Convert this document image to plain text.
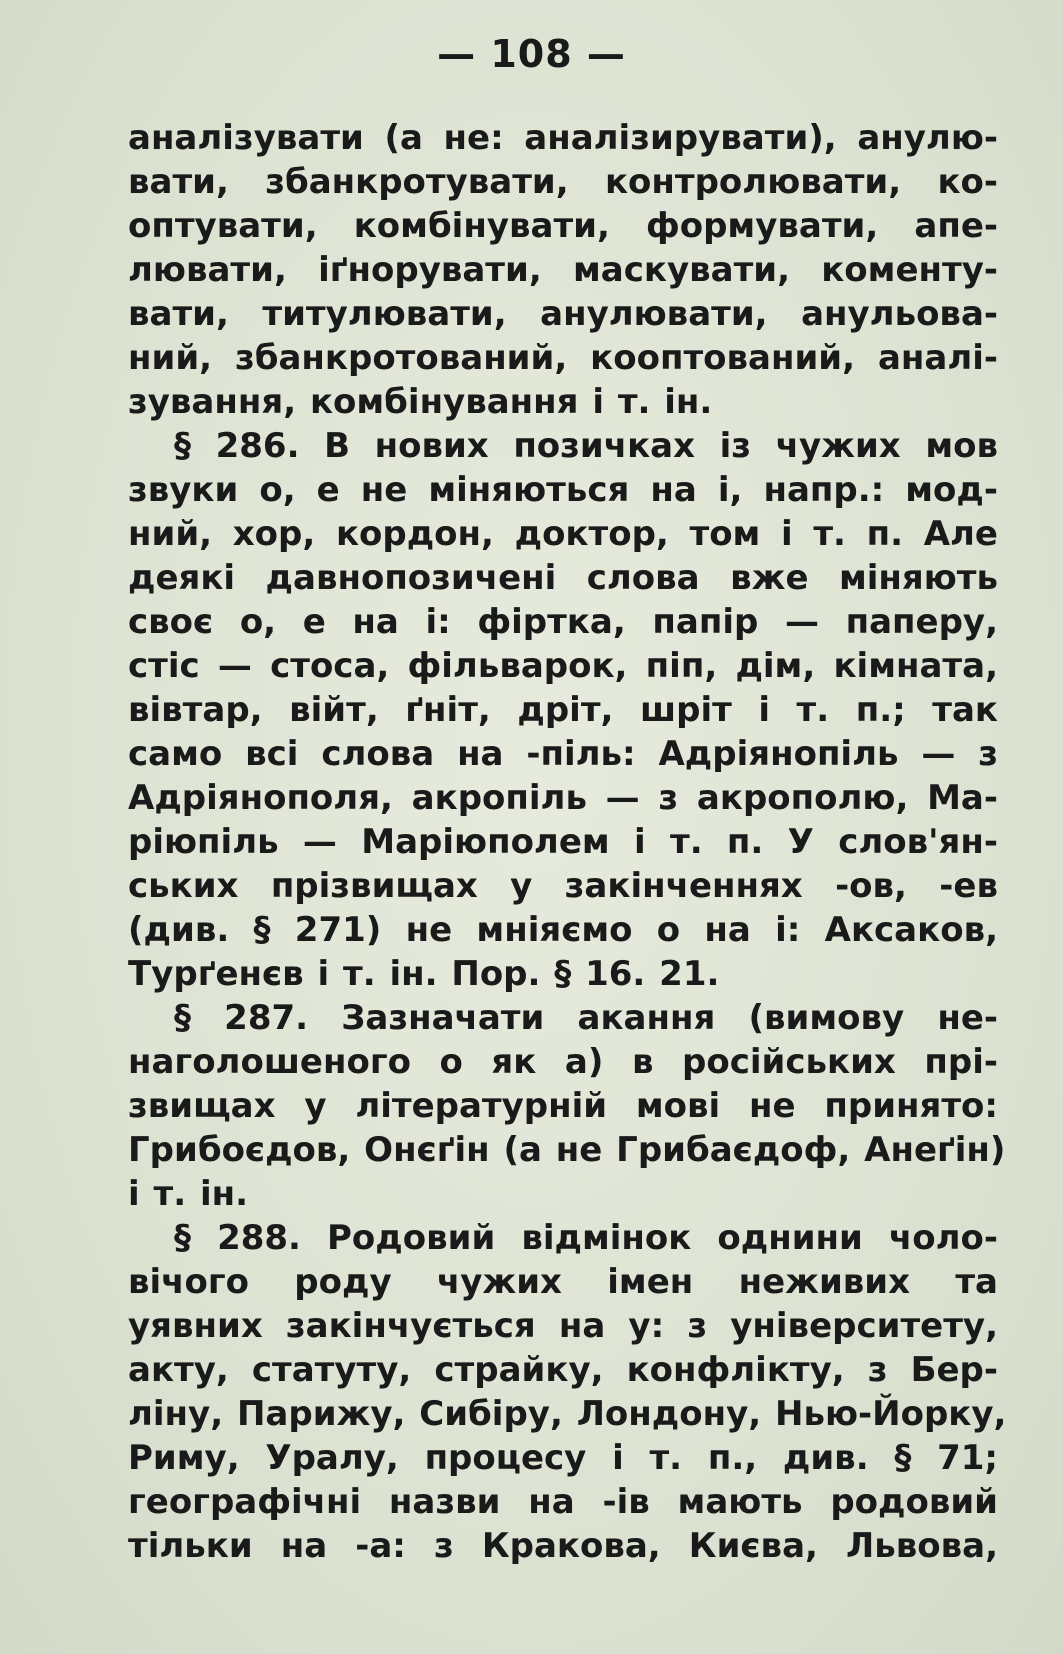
— 108 —
аналізувати (а не: аналізирувати), анулю-
вати, збанкротувати, контролювати, ко-
оптувати, комбінувати, формувати, апе-
лювати, іґнорувати, маскувати, коменту-
вати, титулювати, анулювати, анульова-
ний, збанкротований, кооптований, аналі-
зування, комбінування і т. ін.
§ 286. В нових позичках із чужих мов
звуки о, е не міняються на і, напр.: мод-
ний, хор, кордон, доктор, том і т. п. Але
деякі давнопозичені слова вже міняють
своє о, е на і: фіртка, папір — паперу,
стіс — стоса, фільварок, піп, дім, кімната,
вівтар, війт, ґніт, дріт, шріт і т. п.; так
само всі слова на -піль: Адріянопіль — з
Адріянополя, акропіль — з акрополю, Ма-
ріюпіль — Маріюполем і т. п. У слов'ян-
ських прізвищах у закінченнях -ов, -ев
(див. § 271) не мніяємо о на і: Аксаков,
Турґенєв і т. ін. Пор. § 16. 21.
§ 287. Зазначати акання (вимову не-
наголошеного о як а) в російських прі-
звищах у літературній мові не принято:
Грибоєдов, Онєґін (а не Грибаєдоф, Анеґін)
і т. ін.
§ 288. Родовий відмінок однини чоло-
вічого роду чужих імен неживих та
уявних закінчується на у: з університету,
акту, статуту, страйку, конфлікту, з Бер-
ліну, Парижу, Сибіру, Лондону, Нью-Йорку,
Риму, Уралу, процесу і т. п., див. § 71;
географічні назви на -ів мають родовий
тільки на -а: з Кракова, Києва, Львова,
